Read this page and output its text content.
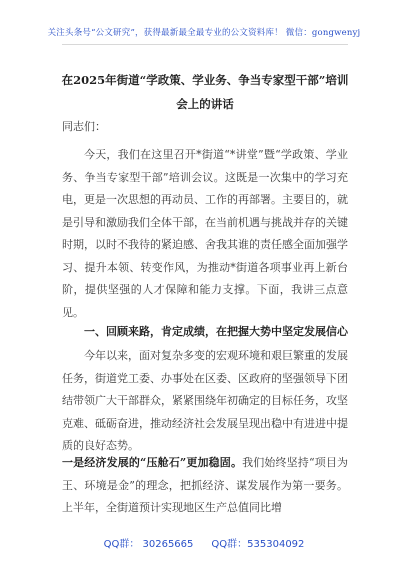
关注头条号“公文研究”，获得最新最全最专业的公文资料库！ 微信：gongwenyj
在2025年街道“学政策、学业务、争当专家型干部”培训会上的讲话
同志们：
今天，我们在这里召开*街道“*讲堂”暨“学政策、学业务、争当专家型干部”培训会议。这既是一次集中的学习充电，更是一次思想的再动员、工作的再部署。主要目的，就是引导和激励我们全体干部，在当前机遇与挑战并存的关键时期，以时不我待的紧迫感、舍我其谁的责任感全面加强学习、提升本领、转变作风，为推动*街道各项事业再上新台阶，提供坚强的人才保障和能力支撑。下面，我讲三点意见。
一、回顾来路，肯定成绩，在把握大势中坚定发展信心
今年以来，面对复杂多变的宏观环境和艰巨繁重的发展任务，街道党工委、办事处在区委、区政府的坚强领导下团结带领广大干部群众，紧紧围绕年初确定的目标任务，攻坚克难、砥砺奋进，推动经济社会发展呈现出稳中有进进中提质的良好态势。
一是经济发展的“压舱石”更加稳固。我们始终坚持“项目为王、环境是金”的理念，把抓经济、谋发展作为第一要务。上半年，全街道预计实现地区生产总值同比增
QQ群： 30265665 QQ群：535304092
